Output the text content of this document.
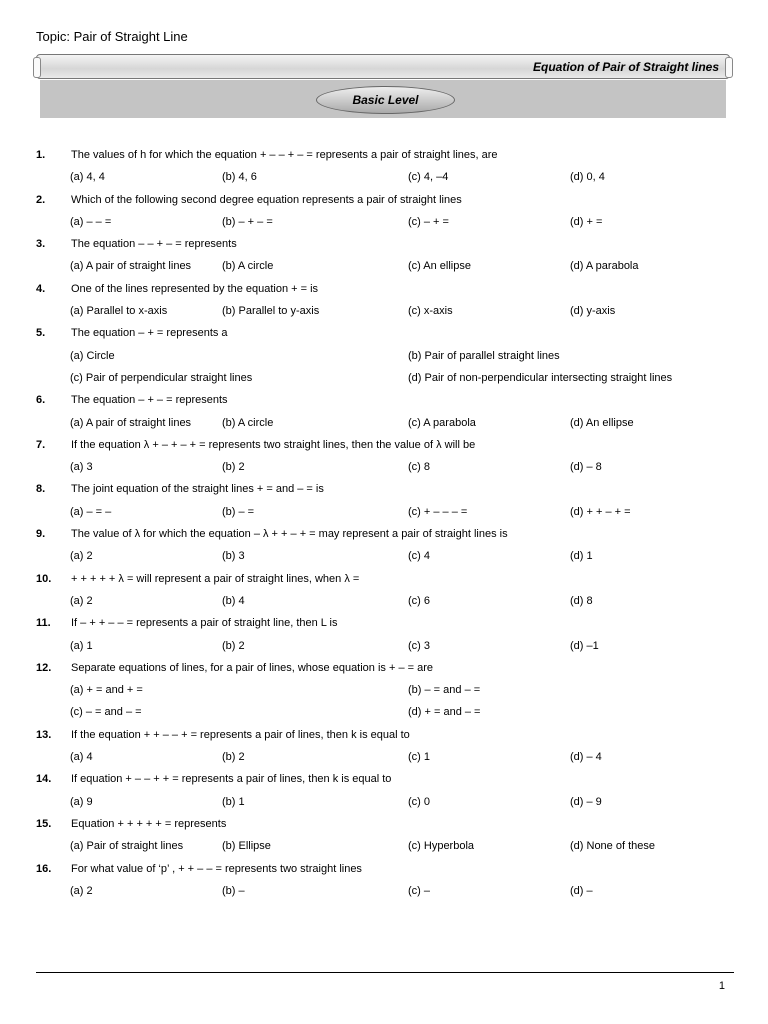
Topic: Pair of Straight Line
Equation of Pair of Straight lines
Basic Level
1. The values of h for which the equation + – – + – = represents a pair of straight lines, are
(a) 4, 4	(b) 4, 6	(c) 4, –4	(d) 0, 4
2. Which of the following second degree equation represents a pair of straight lines
(a) – – =	(b) – + – =	(c) – + =	(d) + =
3. The equation – – + – = represents
(a) A pair of straight lines	(b) A circle	(c) An ellipse	(d) A parabola
4. One of the lines represented by the equation + = is
(a) Parallel to x-axis	(b) Parallel to y-axis	(c) x-axis	(d) y-axis
5. The equation – + = represents a
(a) Circle	(b) Pair of parallel straight lines
(c) Pair of perpendicular straight lines	(d) Pair of non-perpendicular intersecting straight lines
6. The equation – + – = represents
(a) A pair of straight lines	(b) A circle	(c) A parabola	(d) An ellipse
7. If the equation λ + – + – + = represents two straight lines, then the value of λ will be
(a) 3	(b) 2	(c) 8	(d) – 8
8. The joint equation of the straight lines + = and – = is
(a) – = –	(b) – =	(c) + – – – =	(d) + + – + =
9. The value of λ for which the equation – λ + + – + = may represent a pair of straight lines is
(a) 2	(b) 3	(c) 4	(d) 1
10. + + + + + λ = will represent a pair of straight lines, when λ =
(a) 2	(b) 4	(c) 6	(d) 8
11. If – + + – – = represents a pair of straight line, then L is
(a) 1	(b) 2	(c) 3	(d) –1
12. Separate equations of lines, for a pair of lines, whose equation is + – = are
(a) + = and + =	(b) – = and – =
(c) – = and – =	(d) + = and – =
13. If the equation + + – – + = represents a pair of lines, then k is equal to
(a) 4	(b) 2	(c) 1	(d) – 4
14. If equation + – – + + = represents a pair of lines, then k is equal to
(a) 9	(b) 1	(c) 0	(d) – 9
15. Equation + + + + + = represents
(a) Pair of straight lines	(b) Ellipse	(c) Hyperbola	(d) None of these
16. For what value of ‘p’ , + + – – = represents two straight lines
(a) 2	(b) –	(c) –	(d) –
1
